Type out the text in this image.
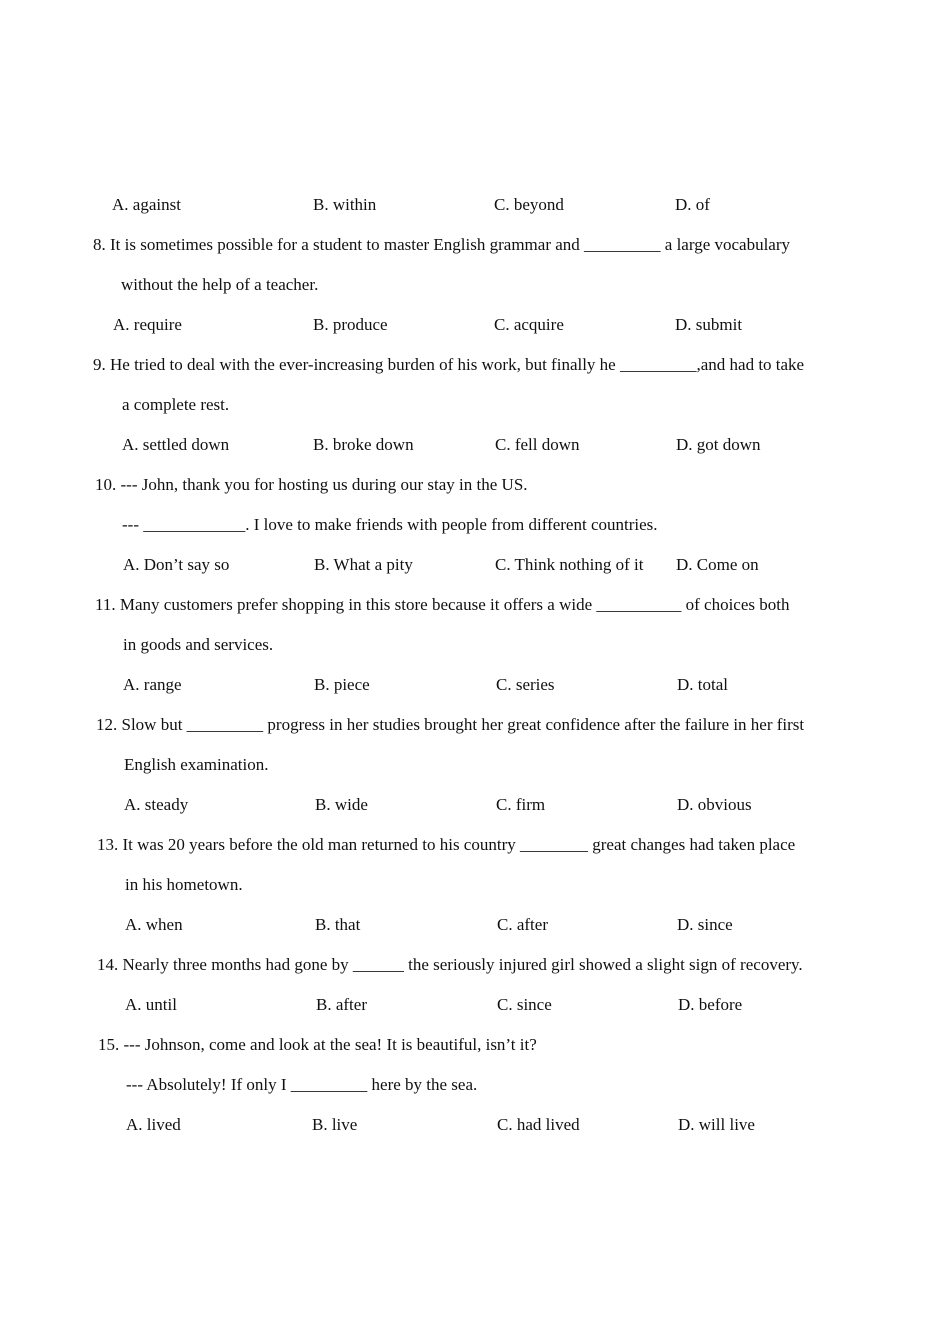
A. against	B. within	C. beyond	D. of
8. It is sometimes possible for a student to master English grammar and _________ a large vocabulary
without the help of a teacher.
A. require	B. produce	C. acquire	D. submit
9. He tried to deal with the ever-increasing burden of his work, but finally he _________,and had to take
a complete rest.
A. settled down	B. broke down	C. fell down	D. got down
10. --- John, thank you for hosting us during our stay in the US.
--- ____________. I love to make friends with people from different countries.
A. Don’t say so	B. What a pity	C. Think nothing of it D. Come on
11. Many customers prefer shopping in this store because it offers a wide __________ of choices both
in goods and services.
A. range	B. piece	C. series	D. total
12. Slow but _________ progress in her studies brought her great confidence after the failure in her first
English examination.
A. steady	B. wide	C. firm	D. obvious
13. It was 20 years before the old man returned to his country ________ great changes had taken place
in his hometown.
A. when	B. that	C. after	D. since
14. Nearly three months had gone by ______ the seriously injured girl showed a slight sign of recovery.
A. until	B. after	C. since	D. before
15. --- Johnson, come and look at the sea! It is beautiful, isn’t it?
--- Absolutely! If only I _________ here by the sea.
A. lived	B. live	C. had lived	D. will live
